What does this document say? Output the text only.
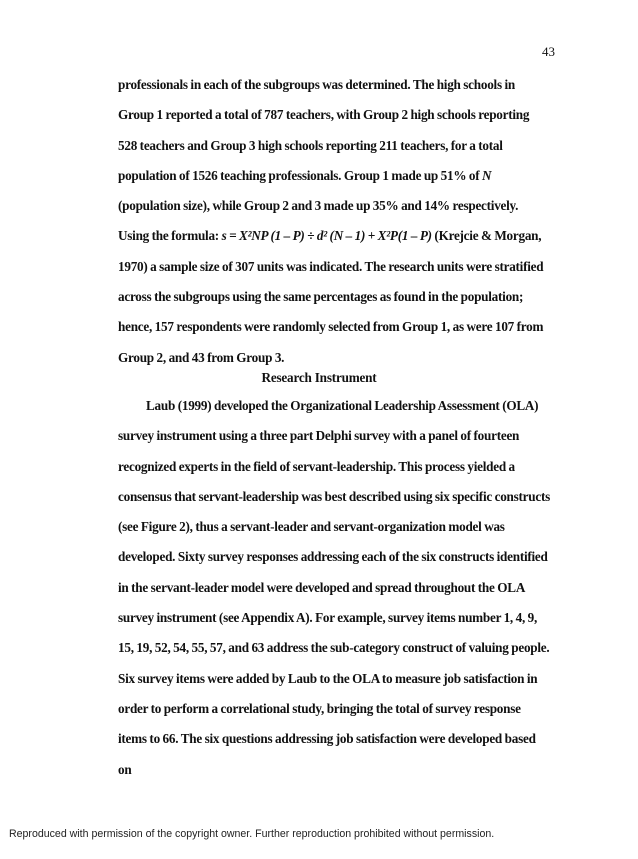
43

professionals in each of the subgroups was determined. The high schools in Group 1 reported a total of 787 teachers, with Group 2 high schools reporting 528 teachers and Group 3 high schools reporting 211 teachers, for a total population of 1526 teaching professionals. Group 1 made up 51% of N (population size), while Group 2 and 3 made up 35% and 14% respectively. Using the formula: s = X²NP (1 – P) ÷ d² (N – 1) + X²P(1 – P) (Krejcie & Morgan, 1970) a sample size of 307 units was indicated. The research units were stratified across the subgroups using the same percentages as found in the population; hence, 157 respondents were randomly selected from Group 1, as were 107 from Group 2, and 43 from Group 3.

Research Instrument

Laub (1999) developed the Organizational Leadership Assessment (OLA) survey instrument using a three part Delphi survey with a panel of fourteen recognized experts in the field of servant-leadership. This process yielded a consensus that servant-leadership was best described using six specific constructs (see Figure 2), thus a servant-leader and servant-organization model was developed. Sixty survey responses addressing each of the six constructs identified in the servant-leader model were developed and spread throughout the OLA survey instrument (see Appendix A). For example, survey items number 1, 4, 9, 15, 19, 52, 54, 55, 57, and 63 address the sub-category construct of valuing people. Six survey items were added by Laub to the OLA to measure job satisfaction in order to perform a correlational study, bringing the total of survey response items to 66. The six questions addressing job satisfaction were developed based on

Reproduced with permission of the copyright owner. Further reproduction prohibited without permission.
